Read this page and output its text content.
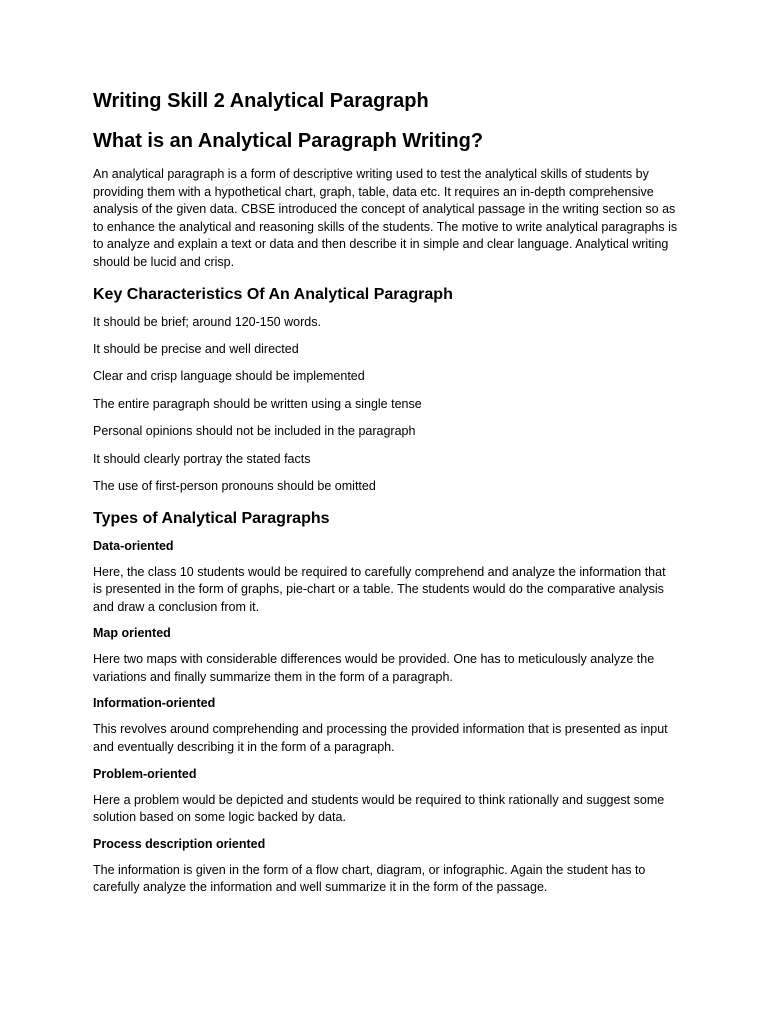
Writing Skill 2 Analytical Paragraph
What is an Analytical Paragraph Writing?

An analytical paragraph is a form of descriptive writing used to test the analytical skills of students by providing them with a hypothetical chart, graph, table, data etc. It requires an in-depth comprehensive analysis of the given data. CBSE introduced the concept of analytical passage in the writing section so as to enhance the analytical and reasoning skills of the students. The motive to write analytical paragraphs is to analyze and explain a text or data and then describe it in simple and clear language. Analytical writing should be lucid and crisp.

Key Characteristics Of An Analytical Paragraph
It should be brief; around 120-150 words.
It should be precise and well directed
Clear and crisp language should be implemented
The entire paragraph should be written using a single tense
Personal opinions should not be included in the paragraph
It should clearly portray the stated facts
The use of first-person pronouns should be omitted
Types of Analytical Paragraphs
Data-oriented

Here, the class 10 students would be required to carefully comprehend and analyze the information that is presented in the form of graphs, pie-chart or a table. The students would do the comparative analysis and draw a conclusion from it.

Map oriented

Here two maps with considerable differences would be provided. One has to meticulously analyze the variations and finally summarize them in the form of a paragraph.

Information-oriented

This revolves around comprehending and processing the provided information that is presented as input and eventually describing it in the form of a paragraph.

Problem-oriented

Here a problem would be depicted and students would be required to think rationally and suggest some solution based on some logic backed by data.

Process description oriented

The information is given in the form of a flow chart, diagram, or infographic. Again the student has to carefully analyze the information and well summarize it in the form of the passage.
